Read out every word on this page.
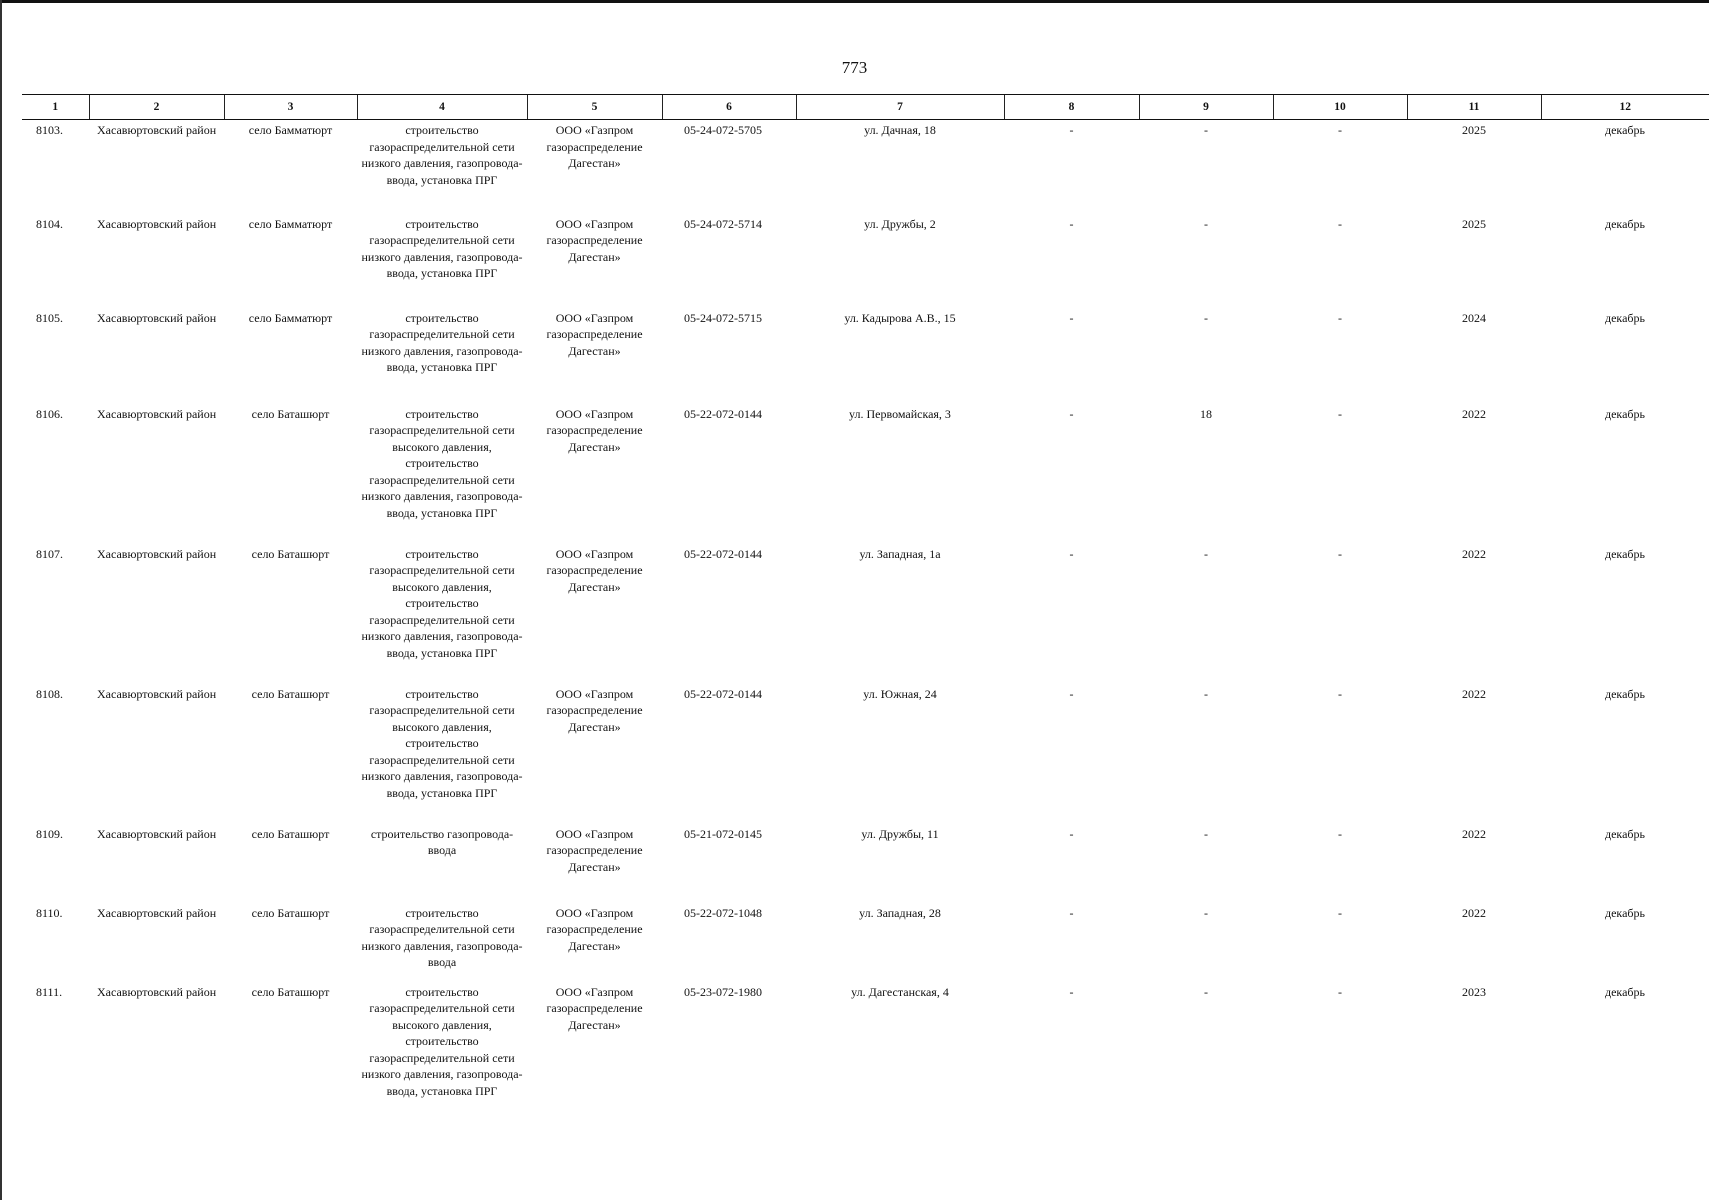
773
1	2	3	4	5	6	7	8	9	10	11	12
8103.	Хасавюртовский район	село Бамматюрт	строительство газораспределительной сети низкого давления, газопровода-ввода, установка ПРГ	ООО «Газпром газораспределение Дагестан»	05-24-072-5705	ул. Дачная, 18	-	-	-	2025	декабрь
8104.	Хасавюртовский район	село Бамматюрт	строительство газораспределительной сети низкого давления, газопровода-ввода, установка ПРГ	ООО «Газпром газораспределение Дагестан»	05-24-072-5714	ул. Дружбы, 2	-	-	-	2025	декабрь
8105.	Хасавюртовский район	село Бамматюрт	строительство газораспределительной сети низкого давления, газопровода-ввода, установка ПРГ	ООО «Газпром газораспределение Дагестан»	05-24-072-5715	ул. Кадырова А.В., 15	-	-	-	2024	декабрь
8106.	Хасавюртовский район	село Баташюрт	строительство газораспределительной сети высокого давления, строительство газораспределительной сети низкого давления, газопровода-ввода, установка ПРГ	ООО «Газпром газораспределение Дагестан»	05-22-072-0144	ул. Первомайская, 3	-	18	-	2022	декабрь
8107.	Хасавюртовский район	село Баташюрт	строительство газораспределительной сети высокого давления, строительство газораспределительной сети низкого давления, газопровода-ввода, установка ПРГ	ООО «Газпром газораспределение Дагестан»	05-22-072-0144	ул. Западная, 1а	-	-	-	2022	декабрь
8108.	Хасавюртовский район	село Баташюрт	строительство газораспределительной сети высокого давления, строительство газораспределительной сети низкого давления, газопровода-ввода, установка ПРГ	ООО «Газпром газораспределение Дагестан»	05-22-072-0144	ул. Южная, 24	-	-	-	2022	декабрь
8109.	Хасавюртовский район	село Баташюрт	строительство газопровода-ввода	ООО «Газпром газораспределение Дагестан»	05-21-072-0145	ул. Дружбы, 11	-	-	-	2022	декабрь
8110.	Хасавюртовский район	село Баташюрт	строительство газораспределительной сети низкого давления, газопровода-ввода	ООО «Газпром газораспределение Дагестан»	05-22-072-1048	ул. Западная, 28	-	-	-	2022	декабрь
8111.	Хасавюртовский район	село Баташюрт	строительство газораспределительной сети высокого давления, строительство газораспределительной сети низкого давления, газопровода-ввода, установка ПРГ	ООО «Газпром газораспределение Дагестан»	05-23-072-1980	ул. Дагестанская, 4	-	-	-	2023	декабрь
